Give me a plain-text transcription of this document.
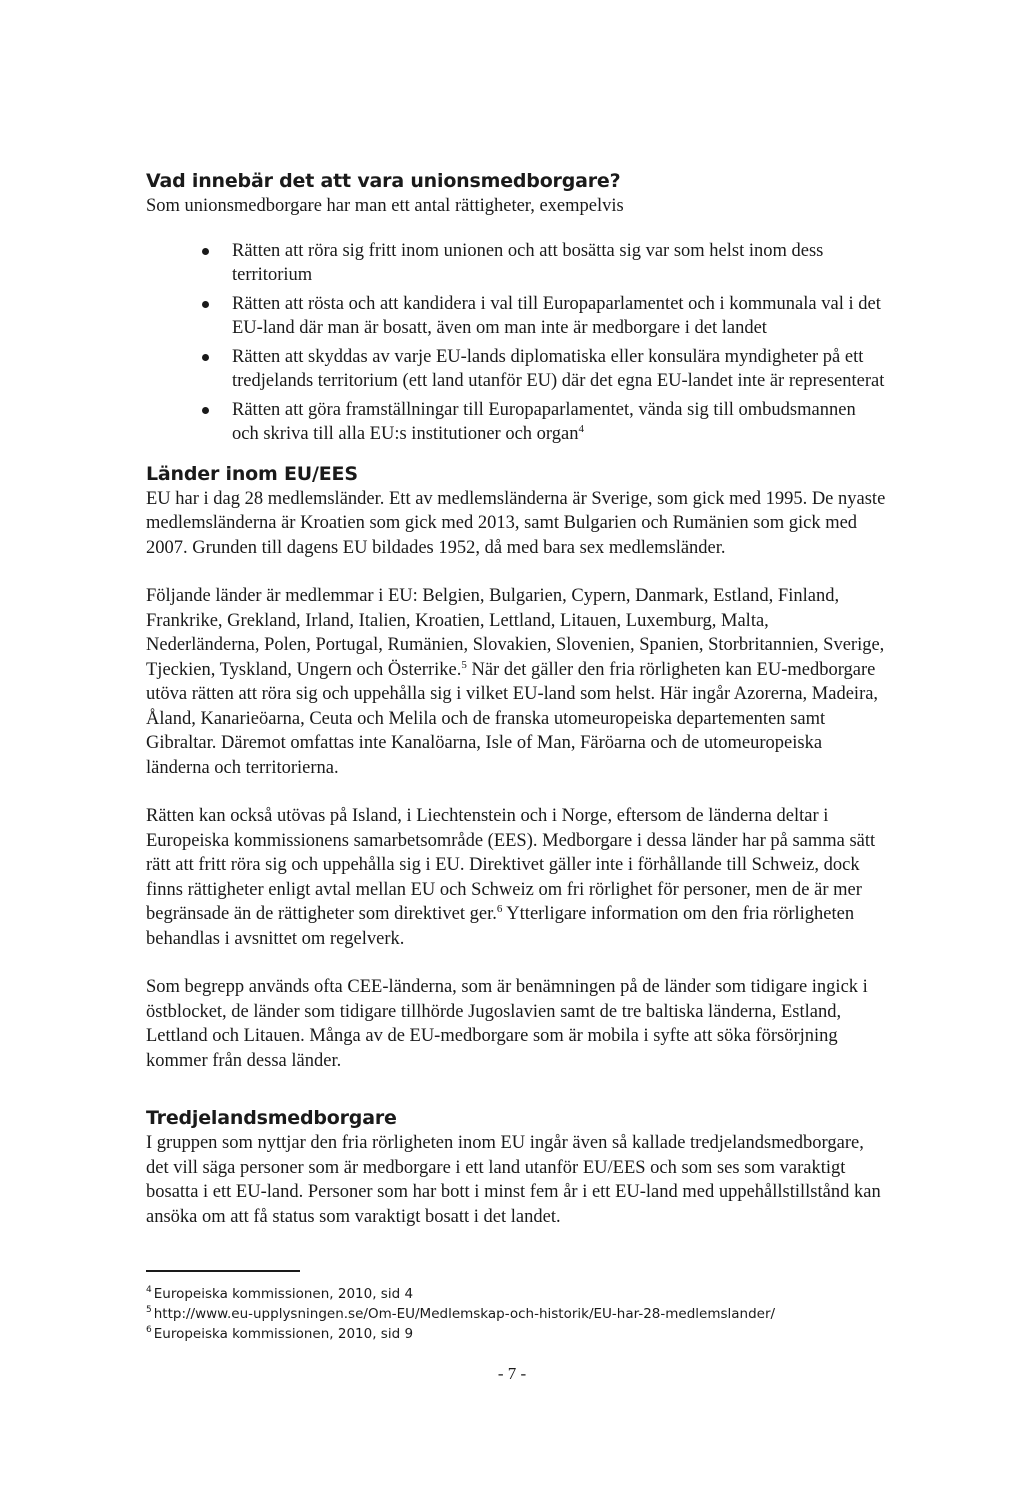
Vad innebär det att vara unionsmedborgare?

Som unionsmedborgare har man ett antal rättigheter, exempelvis

Rätten att röra sig fritt inom unionen och att bosätta sig var som helst inom dess territorium
Rätten att rösta och att kandidera i val till Europaparlamentet och i kommunala val i det EU-land där man är bosatt, även om man inte är medborgare i det landet
Rätten att skyddas av varje EU-lands diplomatiska eller konsulära myndigheter på ett tredjelands territorium (ett land utanför EU) där det egna EU-landet inte är representerat
Rätten att göra framställningar till Europaparlamentet, vända sig till ombudsmannen och skriva till alla EU:s institutioner och organ$^4$
Länder inom EU/EES

EU har i dag 28 medlemsländer. Ett av medlemsländerna är Sverige, som gick med 1995. De nyaste medlemsländerna är Kroatien som gick med 2013, samt Bulgarien och Rumänien som gick med 2007. Grunden till dagens EU bildades 1952, då med bara sex medlemsländer.

Följande länder är medlemmar i EU: Belgien, Bulgarien, Cypern, Danmark, Estland, Finland, Frankrike, Grekland, Irland, Italien, Kroatien, Lettland, Litauen, Luxemburg, Malta, Nederländerna, Polen, Portugal, Rumänien, Slovakien, Slovenien, Spanien, Storbritannien, Sverige, Tjeckien, Tyskland, Ungern och Österrike.$^5$ När det gäller den fria rörligheten kan EU-medborgare utöva rätten att röra sig och uppehålla sig i vilket EU-land som helst. Här ingår Azorerna, Madeira, Åland, Kanarieöarna, Ceuta och Melila och de franska utomeuropeiska departementen samt Gibraltar. Däremot omfattas inte Kanalöarna, Isle of Man, Färöarna och de utomeuropeiska länderna och territorierna.

Rätten kan också utövas på Island, i Liechtenstein och i Norge, eftersom de länderna deltar i Europeiska kommissionens samarbetsområde (EES). Medborgare i dessa länder har på samma sätt rätt att fritt röra sig och uppehålla sig i EU. Direktivet gäller inte i förhållande till Schweiz, dock finns rättigheter enligt avtal mellan EU och Schweiz om fri rörlighet för personer, men de är mer begränsade än de rättigheter som direktivet ger.$^6$ Ytterligare information om den fria rörligheten behandlas i avsnittet om regelverk.

Som begrepp används ofta CEE-länderna, som är benämningen på de länder som tidigare ingick i östblocket, de länder som tidigare tillhörde Jugoslavien samt de tre baltiska länderna, Estland, Lettland och Litauen. Många av de EU-medborgare som är mobila i syfte att söka försörjning kommer från dessa länder.

Tredjelandsmedborgare

I gruppen som nyttjar den fria rörligheten inom EU ingår även så kallade tredjelandsmedborgare, det vill säga personer som är medborgare i ett land utanför EU/EES och som ses som varaktigt bosatta i ett EU-land. Personer som har bott i minst fem år i ett EU-land med uppehållstillstånd kan ansöka om att få status som varaktigt bosatt i det landet.

$^4$ Europeiska kommissionen, 2010, sid 4
$^5$ http://www.eu-upplysningen.se/Om-EU/Medlemskap-och-historik/EU-har-28-medlemslander/
$^6$ Europeiska kommissionen, 2010, sid 9
- 7 -
